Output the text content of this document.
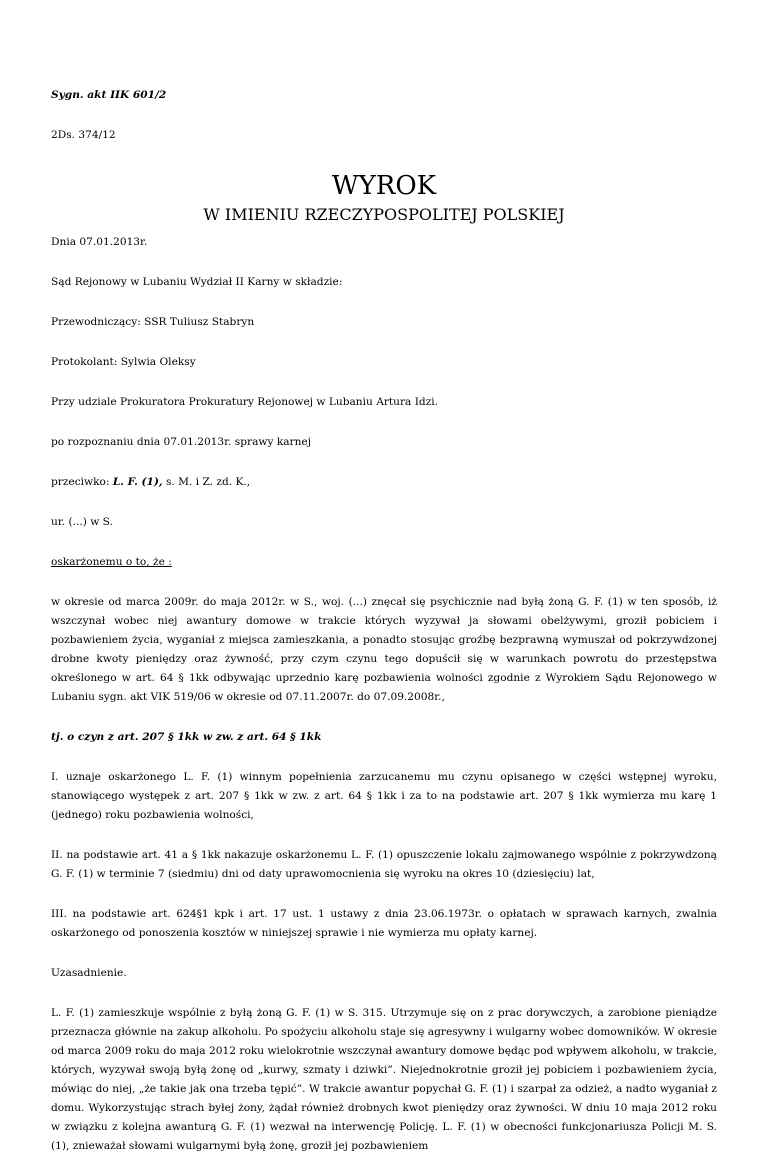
Sygn. akt IIK 601/2

2Ds. 374/12

WYROK
W IMIENIU RZECZYPOSPOLITEJ POLSKIEJ

Dnia 07.01.2013r.

Sąd Rejonowy w Lubaniu Wydział II Karny w składzie:

Przewodniczący: SSR Tuliusz Stabryn

Protokolant: Sylwia Oleksy

Przy udziale Prokuratora Prokuratury Rejonowej w Lubaniu Artura Idzi.

po rozpoznaniu dnia 07.01.2013r. sprawy karnej

przeciwko: L. F. (1), s. M. i Z. zd. K.,

ur. (...) w S.

oskarżonemu o to, że :

w okresie od marca 2009r. do maja 2012r. w S., woj. (...) znęcał się psychicznie nad byłą żoną G. F. (1) w ten sposób, iż wszczynał wobec niej awantury domowe w trakcie których wyzywał ja słowami obelżywymi, groził pobiciem i pozbawieniem życia, wyganiał z miejsca zamieszkania, a ponadto stosując groźbę bezprawną wymuszał od pokrzywdzonej drobne kwoty pieniędzy oraz żywność, przy czym czynu tego dopuścił się w warunkach powrotu do przestępstwa określonego w art. 64 § 1kk odbywając uprzednio karę pozbawienia wolności zgodnie z Wyrokiem Sądu Rejonowego w Lubaniu sygn. akt VIK 519/06 w okresie od 07.11.2007r. do 07.09.2008r.,

tj. o czyn z art. 207 § 1kk w zw. z art. 64 § 1kk

I. uznaje oskarżonego L. F. (1) winnym popełnienia zarzucanemu mu czynu opisanego w części wstępnej wyroku, stanowiącego występek z art. 207 § 1kk w zw. z art. 64 § 1kk i za to na podstawie art. 207 § 1kk wymierza mu karę 1 (jednego) roku pozbawienia wolności,

II. na podstawie art. 41 a § 1kk nakazuje oskarżonemu L. F. (1) opuszczenie lokalu zajmowanego wspólnie z pokrzywdzoną G. F. (1) w terminie 7 (siedmiu) dni od daty uprawomocnienia się wyroku na okres 10 (dziesięciu) lat,

III. na podstawie art. 624§1 kpk i art. 17 ust. 1 ustawy z dnia 23.06.1973r. o opłatach w sprawach karnych, zwalnia oskarżonego od ponoszenia kosztów w niniejszej sprawie i nie wymierza mu opłaty karnej.

Uzasadnienie.

L. F. (1) zamieszkuje wspólnie z byłą żoną G. F. (1) w S. 315. Utrzymuje się on z prac dorywczych, a zarobione pieniądze przeznacza głównie na zakup alkoholu. Po spożyciu alkoholu staje się agresywny i wulgarny wobec domowników. W okresie od marca 2009 roku do maja 2012 roku wielokrotnie wszczynał awantury domowe będąc pod wpływem alkoholu, w trakcie, których, wyzywał swoją byłą żonę od „kurwy, szmaty i dziwki”. Niejednokrotnie groził jej pobiciem i pozbawieniem życia, mówiąc do niej, „że takie jak ona trzeba tępić”. W trakcie awantur popychał G. F. (1) i szarpał za odzież, a nadto wyganiał z domu. Wykorzystując strach byłej żony, żądał również drobnych kwot pieniędzy oraz żywności. W dniu 10 maja 2012 roku w związku z kolejna awanturą G. F. (1) wezwał na interwencję Policję. L. F. (1) w obecności funkcjonariusza Policji M. S. (1), znieważał słowami wulgarnymi byłą żonę, groził jej pozbawieniem
